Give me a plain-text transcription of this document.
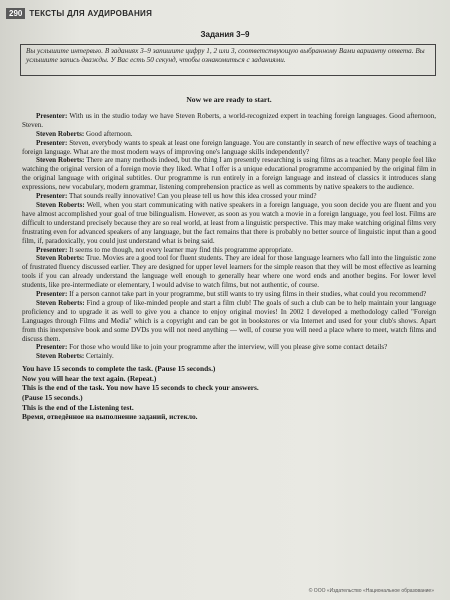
290 ТЕКСТЫ ДЛЯ АУДИРОВАНИЯ
Задания 3–9
Вы услышите интервью. В заданиях 3–9 запишите цифру 1, 2 или 3, соответствующую выбранному Вами варианту ответа. Вы услышите запись дважды. У Вас есть 50 секунд, чтобы ознакомиться с заданиями.

Now we are ready to start.

Presenter: With us in the studio today we have Steven Roberts, a world-recognized expert in teaching foreign languages. Good afternoon, Steven.

Steven Roberts: Good afternoon.

Presenter: Steven, everybody wants to speak at least one foreign language. You are constantly in search of new effective ways of teaching a foreign language. What are the most modern ways of improving one's language skills independently?

Steven Roberts: There are many methods indeed, but the thing I am presently researching is using films as a teacher. Many people feel like watching the original version of a foreign movie they liked. What I offer is a unique educational programme accompanied by the original film in the original language with original subtitles. Our programme is run entirely in a foreign language and instead of classics it introduces slang expressions, new vocabulary, modern grammar, listening comprehension practice as well as comments by native speakers to the audience.

Presenter: That sounds really innovative! Can you please tell us how this idea crossed your mind?

Steven Roberts: Well, when you start communicating with native speakers in a foreign language, you soon decide you are fluent and you have almost accomplished your goal of true bilingualism. However, as soon as you watch a movie in a foreign language, you feel lost. Films are difficult to understand precisely because they are so real world, at least from a linguistic perspective. This may make watching original films very frustrating even for advanced speakers of any language, but the fact remains that there is probably no better source of linguistic input than a good film, if, paradoxically, you could just understand what is being said.

Presenter: It seems to me though, not every learner may find this programme appropriate.

Steven Roberts: True. Movies are a good tool for fluent students. They are ideal for those language learners who fall into the linguistic zone of frustrated fluency discussed earlier. They are designed for upper level learners for the simple reason that they will be most effective as learning tools if you can already understand the language well enough to generally hear where one word ends and another begins. For lower level students, like pre-intermediate or elementary, I would advise to watch films, but not authentic, of course.

Presenter: If a person cannot take part in your programme, but still wants to try using films in their studies, what could you recommend?

Steven Roberts: Find a group of like-minded people and start a film club! The goals of such a club can be to help maintain your language proficiency and to upgrade it as well to give you a chance to enjoy original movies! In 2002 I developed a methodology called "Foreign Languages through Films and Media" which is a copyright and can be got in bookstores or via Internet and used for your club's shows. Apart from this inexpensive book and some DVDs you will not need anything — well, of course you will need a place where to meet, watch films and discuss them.

Presenter: For those who would like to join your programme after the interview, will you please give some contact details?

Steven Roberts: Certainly.

You have 15 seconds to complete the task. (Pause 15 seconds.)
Now you will hear the text again. (Repeat.)
This is the end of the task. You now have 15 seconds to check your answers.
(Pause 15 seconds.)
This is the end of the Listening test.
Время, отведённое на выполнение заданий, истекло.
© ООО «Издательство «Национальное образование»
